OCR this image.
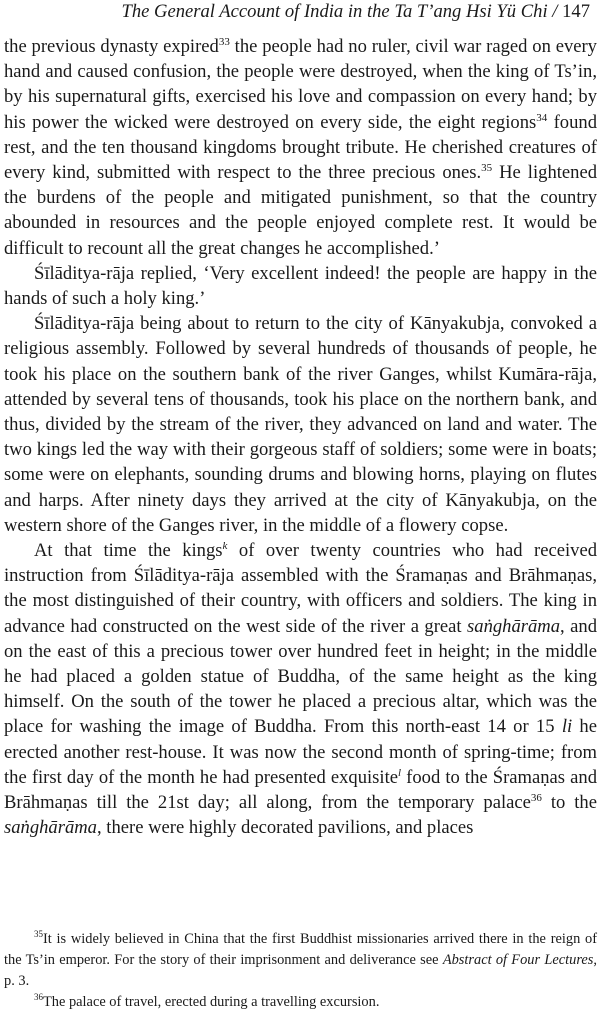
The General Account of India in the Ta T’ang Hsi Yü Chi / 147

the previous dynasty expired$^{33}$ the people had no ruler, civil war raged on every hand and caused confusion, the people were destroyed, when the king of Ts’in, by his supernatural gifts, exercised his love and compassion on every hand; by his power the wicked were destroyed on every side, the eight regions$^{34}$ found rest, and the ten thousand kingdoms brought tribute. He cherished creatures of every kind, submitted with respect to the three precious ones.$^{35}$ He lightened the burdens of the people and mitigated punishment, so that the country abounded in resources and the people enjoyed complete rest. It would be difficult to recount all the great changes he accomplished.’

Śīlāditya-rāja replied, ‘Very excellent indeed! the people are happy in the hands of such a holy king.’

Śīlāditya-rāja being about to return to the city of Kānyakubja, convoked a religious assembly. Followed by several hundreds of thousands of people, he took his place on the southern bank of the river Ganges, whilst Kumāra-rāja, attended by several tens of thousands, took his place on the northern bank, and thus, divided by the stream of the river, they advanced on land and water. The two kings led the way with their gorgeous staff of soldiers; some were in boats; some were on elephants, sounding drums and blowing horns, playing on flutes and harps. After ninety days they arrived at the city of Kānyakubja, on the western shore of the Ganges river, in the middle of a flowery copse.

At that time the kings$^k$ of over twenty countries who had received instruction from Śīlāditya-rāja assembled with the Śramaṇas and Brāhmaṇas, the most distinguished of their country, with officers and soldiers. The king in advance had constructed on the west side of the river a great saṅghārāma, and on the east of this a precious tower over hundred feet in height; in the middle he had placed a golden statue of Buddha, of the same height as the king himself. On the south of the tower he placed a precious altar, which was the place for washing the image of Buddha. From this north-east 14 or 15 li he erected another rest-house. It was now the second month of spring-time; from the first day of the month he had presented exquisite$^l$ food to the Śramaṇas and Brāhmaṇas till the 21st day; all along, from the temporary palace$^{36}$ to the saṅghārāma, there were highly decorated pavilions, and places

$^{35}$It is widely believed in China that the first Buddhist missionaries arrived there in the reign of the Ts’in emperor. For the story of their imprisonment and deliverance see Abstract of Four Lectures, p. 3.

$^{36}$The palace of travel, erected during a travelling excursion.
